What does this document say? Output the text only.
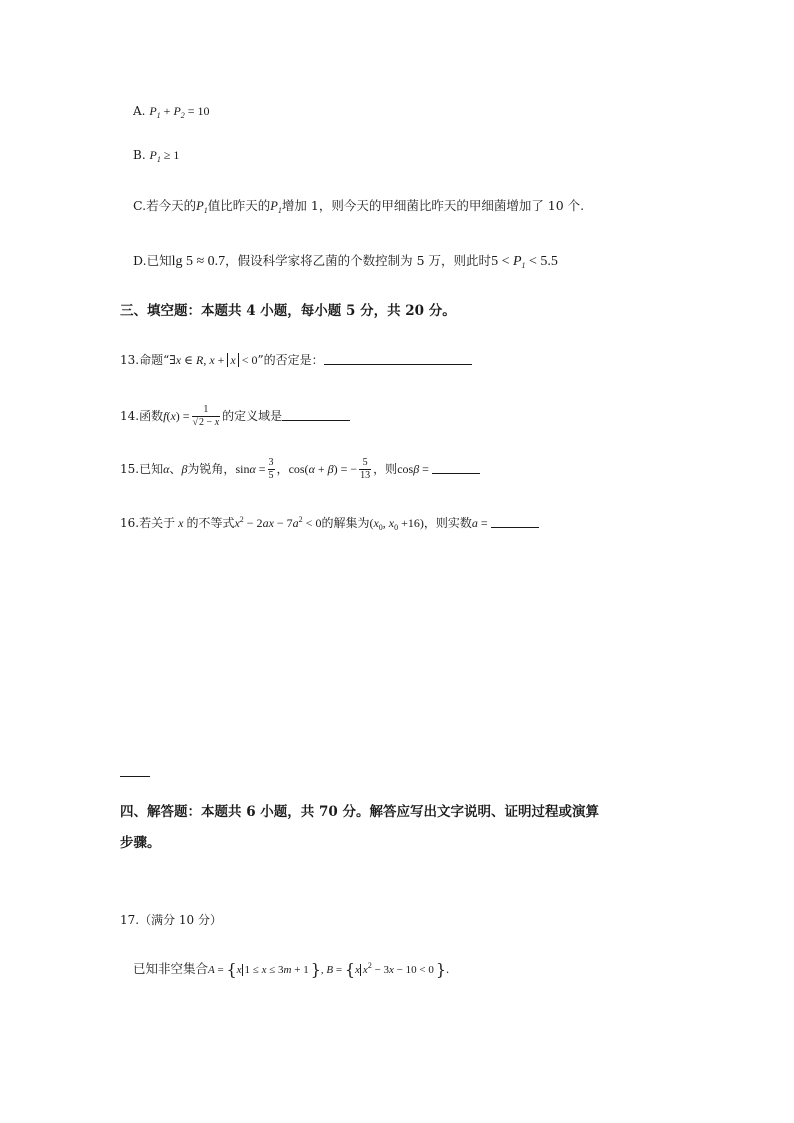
A. $P_1 + P_2 = 10$
B. $P_1 \ge 1$
C.若今天的$P_1$值比昨天的$P_1$增加 1，则今天的甲细菌比昨天的甲细菌增加了 10 个.
D.已知lg 5 ≈ 0.7，假设科学家将乙菌的个数控制为 5 万，则此时$5 < P_1 < 5.5$
三、填空题：本题共 4 小题，每小题 5 分，共 20 分。
13.命题“∃x ∈ R, x + x < 0”的否定是：
14.函数$f(x) = \frac{1}{√2 - x}$ 的定义域是
15.已知α、β为锐角，$\sin\alpha = \frac{3}{5}$ ，cos(α + β) = − $\frac{5}{13}$ ，则cosβ =
16.若关于 x 的不等式$x^2 - 2ax - 7a^2 < 0$的解集为($x_0$, $x_0 +16$)，则实数a =
四、解答题：本题共 6 小题，共 70 分。解答应写出文字说明、证明过程或演算
步骤。
17.（满分 10 分）
已知非空集合A = {x 1 ≤ x ≤ 3m + 1 }, B = {x $x^2 - 3x - 10 < 0$ }.
